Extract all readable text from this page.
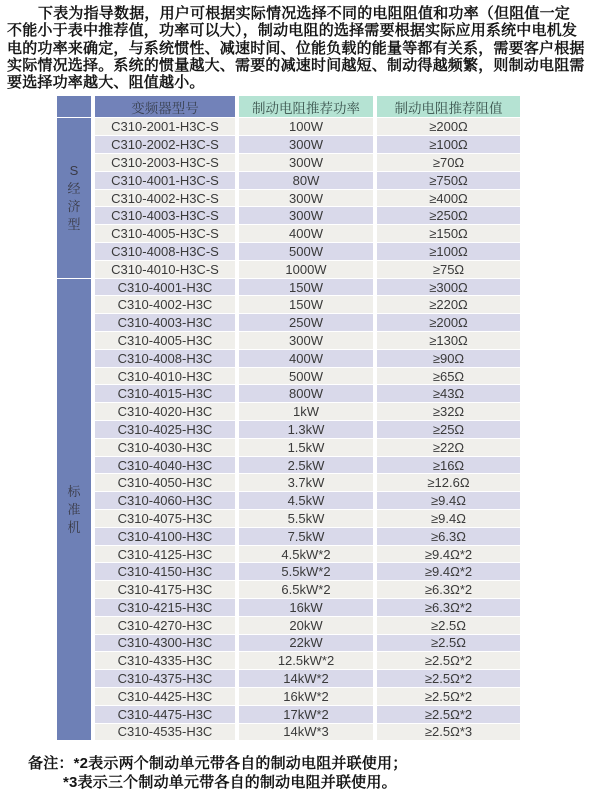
下表为指导数据，用户可根据实际情况选择不同的电阻阻值和功率（但阻值一定
不能小于表中推荐值，功率可以大），制动电阻的选择需要根据实际应用系统中电机发
电的功率来确定，与系统惯性、减速时间、位能负载的能量等都有关系，需要客户根据
实际情况选择。系统的惯量越大、需要的减速时间越短、制动得越频繁，则制动电阻需
要选择功率越大、阻值越小。
	变频器型号	制动电阻推荐功率	制动电阻推荐阻值

S
经
济
型	C310-2001-H3C-S	100W	≥200Ω
	C310-2002-H3C-S	300W	≥100Ω
	C310-2003-H3C-S	300W	≥70Ω
	C310-4001-H3C-S	80W	≥750Ω
	C310-4002-H3C-S	300W	≥400Ω
	C310-4003-H3C-S	300W	≥250Ω
	C310-4005-H3C-S	400W	≥150Ω
	C310-4008-H3C-S	500W	≥100Ω
	C310-4010-H3C-S	1000W	≥75Ω

标
准
机	C310-4001-H3C	150W	≥300Ω
	C310-4002-H3C	150W	≥220Ω
	C310-4003-H3C	250W	≥200Ω
	C310-4005-H3C	300W	≥130Ω
	C310-4008-H3C	400W	≥90Ω
	C310-4010-H3C	500W	≥65Ω
	C310-4015-H3C	800W	≥43Ω
	C310-4020-H3C	1kW	≥32Ω
	C310-4025-H3C	1.3kW	≥25Ω
	C310-4030-H3C	1.5kW	≥22Ω
	C310-4040-H3C	2.5kW	≥16Ω
	C310-4050-H3C	3.7kW	≥12.6Ω
	C310-4060-H3C	4.5kW	≥9.4Ω
	C310-4075-H3C	5.5kW	≥9.4Ω
	C310-4100-H3C	7.5kW	≥6.3Ω
	C310-4125-H3C	4.5kW*2	≥9.4Ω*2
	C310-4150-H3C	5.5kW*2	≥9.4Ω*2
	C310-4175-H3C	6.5kW*2	≥6.3Ω*2
	C310-4215-H3C	16kW	≥6.3Ω*2
	C310-4270-H3C	20kW	≥2.5Ω
	C310-4300-H3C	22kW	≥2.5Ω
	C310-4335-H3C	12.5kW*2	≥2.5Ω*2
	C310-4375-H3C	14kW*2	≥2.5Ω*2
	C310-4425-H3C	16kW*2	≥2.5Ω*2
	C310-4475-H3C	17kW*2	≥2.5Ω*2
	C310-4535-H3C	14kW*3	≥2.5Ω*3
备注：*2表示两个制动单元带各自的制动电阻并联使用；
*3表示三个制动单元带各自的制动电阻并联使用。
